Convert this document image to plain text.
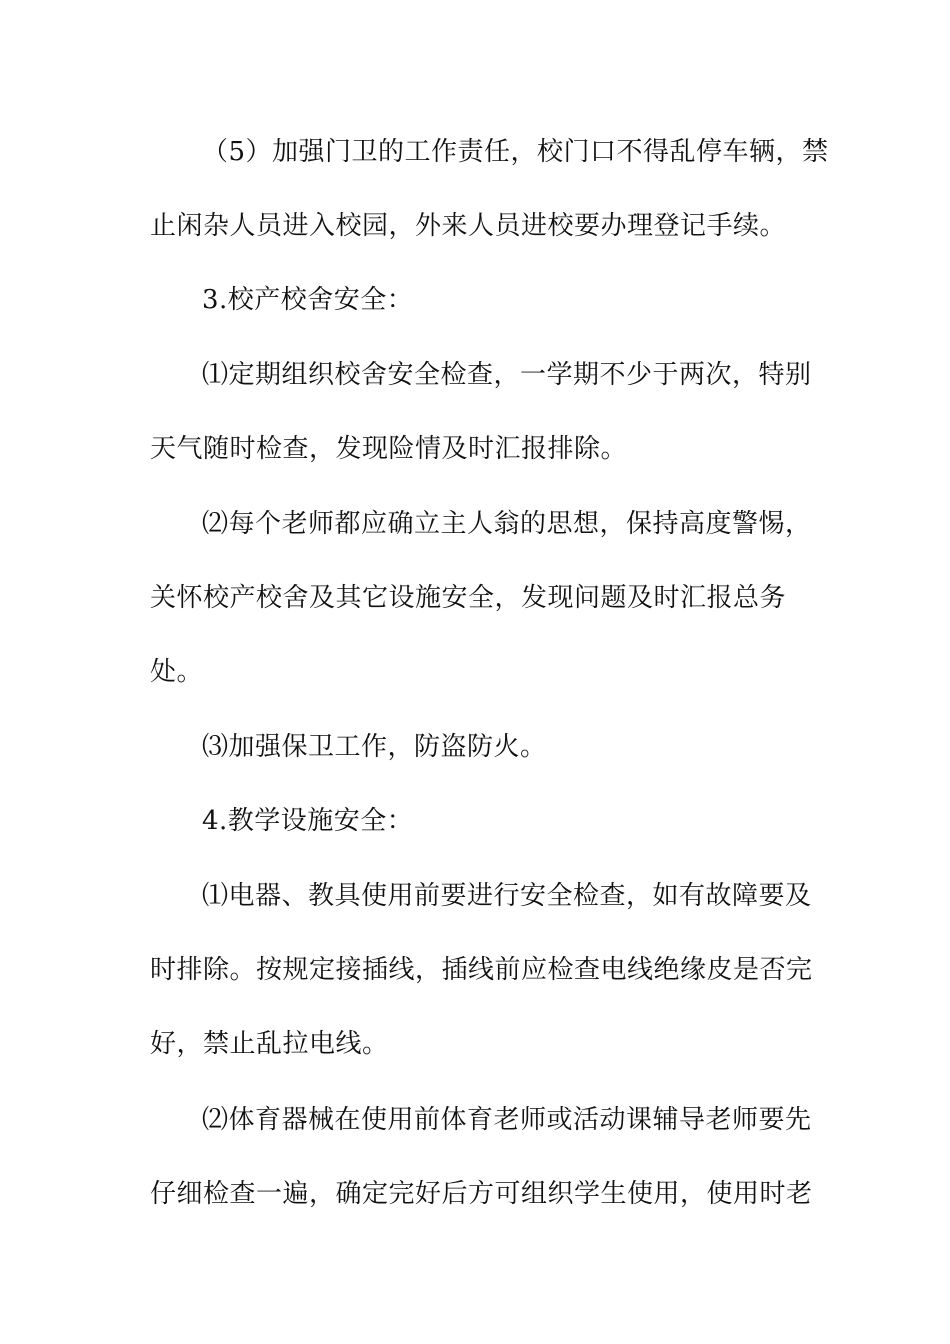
（5）加强门卫的工作责任，校门口不得乱停车辆，禁
止闲杂人员进入校园，外来人员进校要办理登记手续。
3.校产校舍安全：
⑴定期组织校舍安全检查，一学期不少于两次，特别
天气随时检查，发现险情及时汇报排除。
⑵每个老师都应确立主人翁的思想，保持高度警惕，
关怀校产校舍及其它设施安全，发现问题及时汇报总务
处。
⑶加强保卫工作，防盗防火。
4.教学设施安全：
⑴电器、教具使用前要进行安全检查，如有故障要及
时排除。按规定接插线，插线前应检查电线绝缘皮是否完
好，禁止乱拉电线。
⑵体育器械在使用前体育老师或活动课辅导老师要先
仔细检查一遍，确定完好后方可组织学生使用，使用时老
